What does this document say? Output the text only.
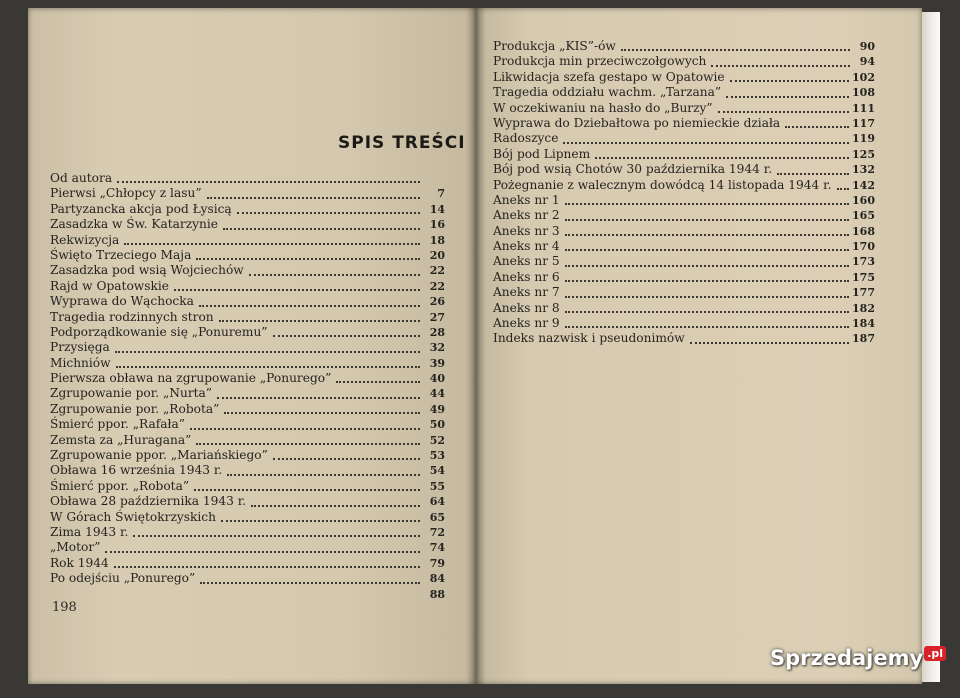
SPIS TREŚCI
Od autora
Pierwsi „Chłopcy z lasu”	7
Partyzancka akcja pod Łysicą	14
Zasadzka w Św. Katarzynie	16
Rekwizycja	18
Święto Trzeciego Maja	20
Zasadzka pod wsią Wojciechów	22
Rajd w Opatowskie	22
Wyprawa do Wąchocka	26
Tragedia rodzinnych stron	27
Podporządkowanie się „Ponuremu”	28
Przysięga	32
Michniów	39
Pierwsza obława na zgrupowanie „Ponurego”	40
Zgrupowanie por. „Nurta”	44
Zgrupowanie por. „Robota”	49
Śmierć ppor. „Rafała”	50
Zemsta za „Huragana”	52
Zgrupowanie ppor. „Mariańskiego”	53
Obława 16 września 1943 r.	54
Śmierć ppor. „Robota”	55
Obława 28 października 1943 r.	64
W Górach Świętokrzyskich	65
Zima 1943 r.	72
„Motor”	74
Rok 1944	79
Po odejściu „Ponurego”	84
88
Produkcja „KIS”-ów	90
Produkcja min przeciwczołgowych	94
Likwidacja szefa gestapo w Opatowie	102
Tragedia oddziału wachm. „Tarzana”	108
W oczekiwaniu na hasło do „Burzy”	111
Wyprawa do Dziebałtowa po niemieckie działa	117
Radoszyce	119
Bój pod Lipnem	125
Bój pod wsią Chotów 30 października 1944 r.	132
Pożegnanie z walecznym dowódcą 14 listopada 1944 r. 142
Aneks nr 1	160
Aneks nr 2	165
Aneks nr 3	168
Aneks nr 4	170
Aneks nr 5	173
Aneks nr 6	175
Aneks nr 7	177
Aneks nr 8	182
Aneks nr 9	184
Indeks nazwisk i pseudonimów	187

198

Sprzedajemy .pl
